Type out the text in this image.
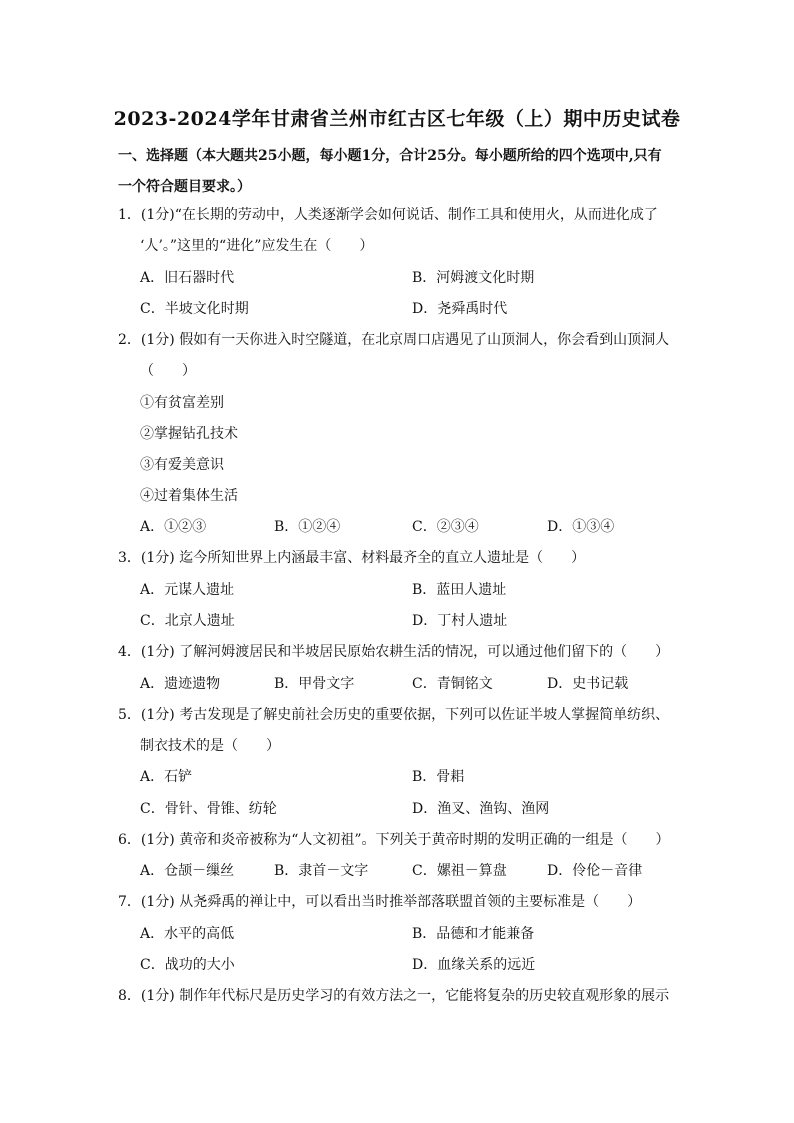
2023-2024学年甘肃省兰州市红古区七年级（上）期中历史试卷
一、选择题（本大题共25小题，每小题1分，合计25分。每小题所给的四个选项中,只有
一个符合题目要求。）
1．(1分)“在长期的劳动中，人类逐渐学会如何说话、制作工具和使用火，从而进化成了
‘人’。”这里的“进化”应发生在（　　）
A．旧石器时代	B．河姆渡文化时期
C．半坡文化时期	D．尧舜禹时代
2．(1分) 假如有一天你进入时空隧道，在北京周口店遇见了山顶洞人，你会看到山顶洞人
（　　）
①有贫富差别
②掌握钻孔技术
③有爱美意识
④过着集体生活
A．①②③	B．①②④	C．②③④	D．①③④
3．(1分) 迄今所知世界上内涵最丰富、材料最齐全的直立人遗址是（　　）
A．元谋人遗址	B．蓝田人遗址
C．北京人遗址	D．丁村人遗址
4．(1分) 了解河姆渡居民和半坡居民原始农耕生活的情况，可以通过他们留下的（　　）
A．遗迹遗物	B．甲骨文字	C．青铜铭文	D．史书记载
5．(1分) 考古发现是了解史前社会历史的重要依据，下列可以佐证半坡人掌握简单纺织、
制衣技术的是（　　）
A．石铲	B．骨耜
C．骨针、骨锥、纺轮	D．渔叉、渔钩、渔网
6．(1分) 黄帝和炎帝被称为“人文初祖”。下列关于黄帝时期的发明正确的一组是（　　）
A．仓颉－缫丝	B．隶首－文字	C．嫘祖－算盘	D．伶伦－音律
7．(1分) 从尧舜禹的禅让中，可以看出当时推举部落联盟首领的主要标准是（　　）
A．水平的高低	B．品德和才能兼备
C．战功的大小	D．血缘关系的远近
8．(1分) 制作年代标尺是历史学习的有效方法之一，它能将复杂的历史较直观形象的展示
